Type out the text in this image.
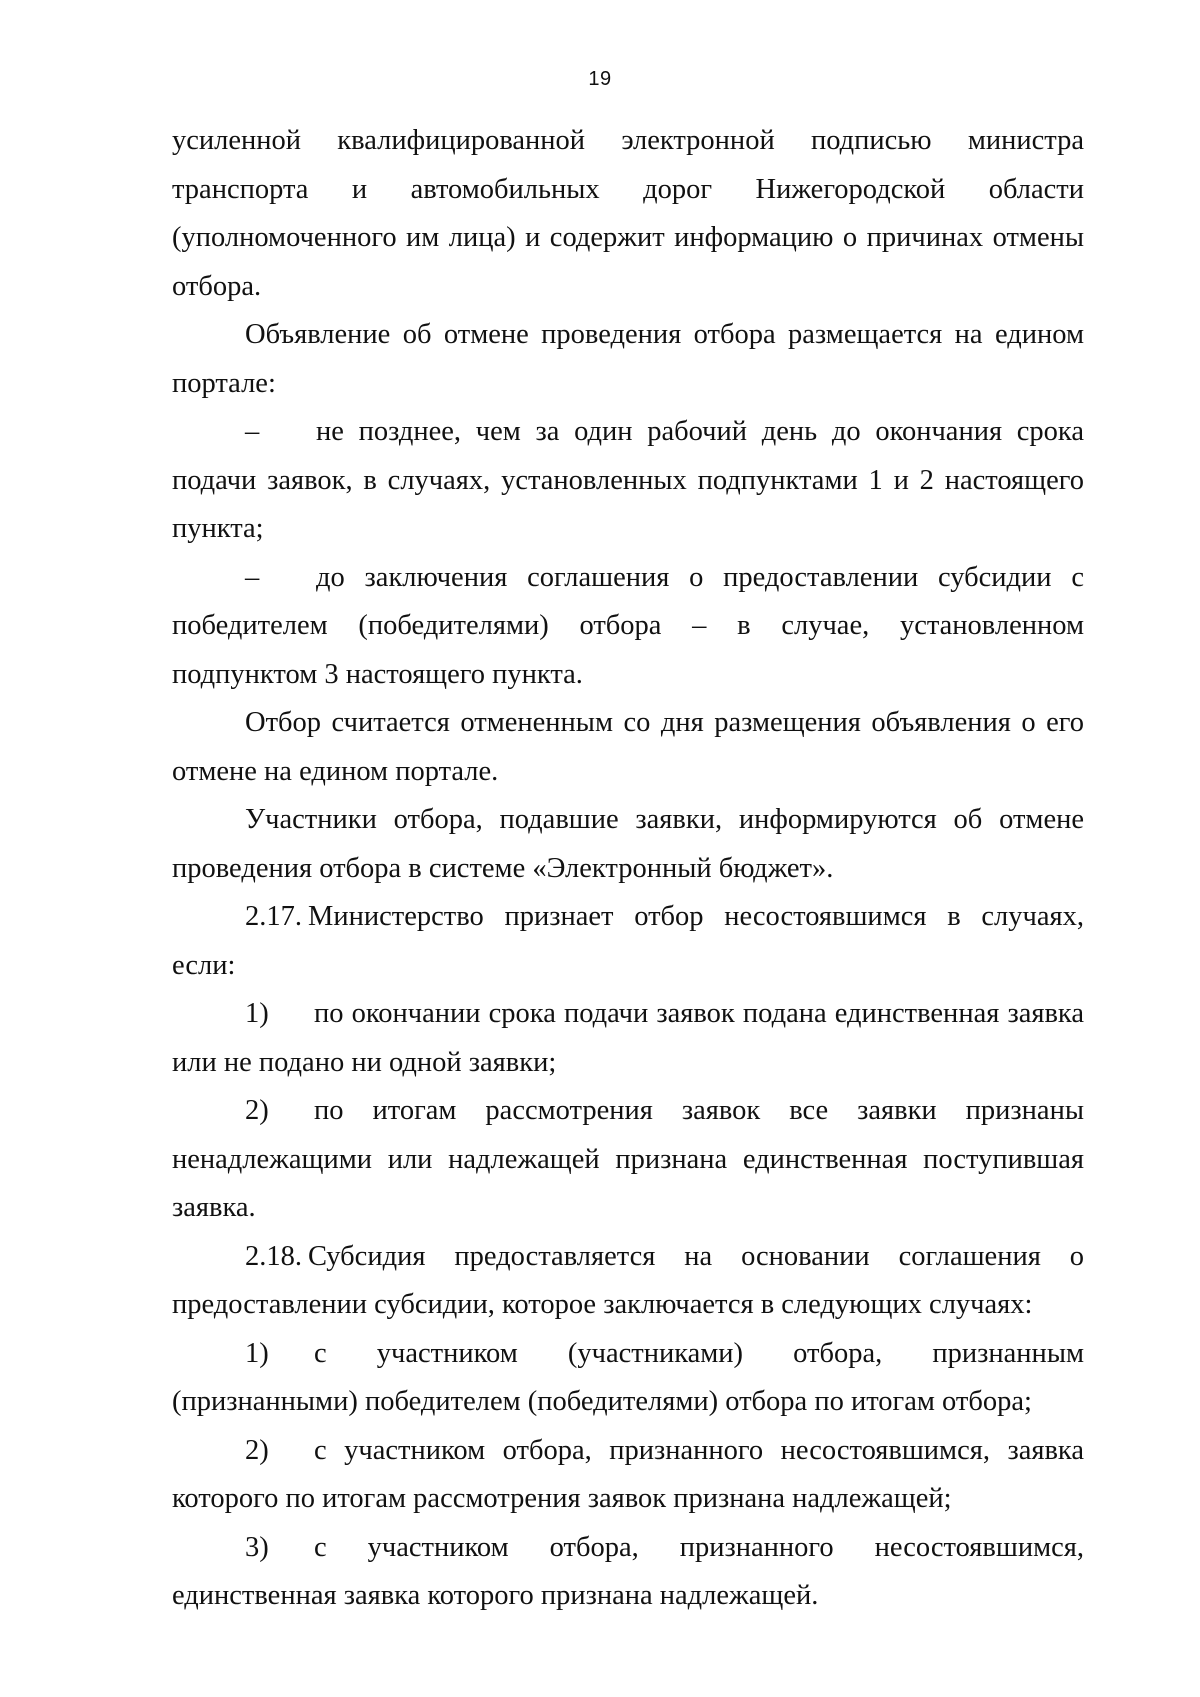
19

усиленной квалифицированной электронной подписью министра транспорта и автомобильных дорог Нижегородской области (уполномоченного им лица) и содержит информацию о причинах отмены отбора.

Объявление об отмене проведения отбора размещается на едином портале:

– не позднее, чем за один рабочий день до окончания срока подачи заявок, в случаях, установленных подпунктами 1 и 2 настоящего пункта;

– до заключения соглашения о предоставлении субсидии с победителем (победителями) отбора – в случае, установленном подпунктом 3 настоящего пункта.

Отбор считается отмененным со дня размещения объявления о его отмене на едином портале.

Участники отбора, подавшие заявки, информируются об отмене проведения отбора в системе «Электронный бюджет».

2.17. Министерство признает отбор несостоявшимся в случаях, если:

1) по окончании срока подачи заявок подана единственная заявка или не подано ни одной заявки;

2) по итогам рассмотрения заявок все заявки признаны ненадлежащими или надлежащей признана единственная поступившая заявка.

2.18. Субсидия предоставляется на основании соглашения о предоставлении субсидии, которое заключается в следующих случаях:

1) с участником (участниками) отбора, признанным (признанными) победителем (победителями) отбора по итогам отбора;

2) с участником отбора, признанного несостоявшимся, заявка которого по итогам рассмотрения заявок признана надлежащей;

3) с участником отбора, признанного несостоявшимся, единственная заявка которого признана надлежащей.
